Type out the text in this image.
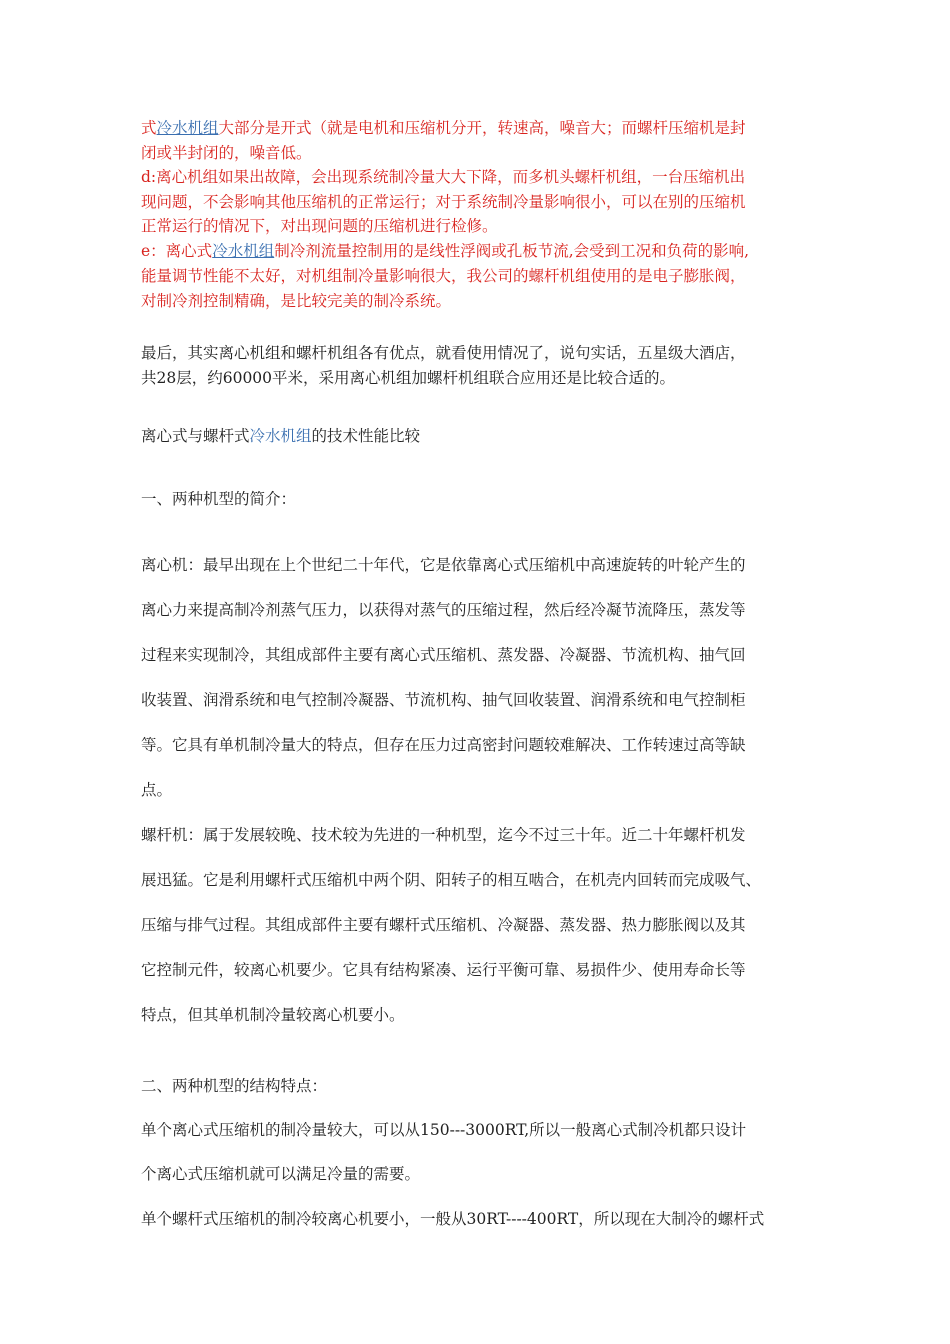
式冷水机组大部分是开式（就是电机和压缩机分开，转速高，噪音大；而螺杆压缩机是封

闭或半封闭的，噪音低。

d:离心机组如果出故障，会出现系统制冷量大大下降，而多机头螺杆机组，一台压缩机出

现问题，不会影响其他压缩机的正常运行；对于系统制冷量影响很小，可以在别的压缩机

正常运行的情况下，对出现问题的压缩机进行检修。

e：离心式冷水机组制冷剂流量控制用的是线性浮阀或孔板节流,会受到工况和负荷的影响,

能量调节性能不太好，对机组制冷量影响很大，我公司的螺杆机组使用的是电子膨胀阀，

对制冷剂控制精确，是比较完美的制冷系统。

最后，其实离心机组和螺杆机组各有优点，就看使用情况了，说句实话，五星级大酒店，

共28层，约60000平米，采用离心机组加螺杆机组联合应用还是比较合适的。

离心式与螺杆式冷水机组的技术性能比较

一、两种机型的简介：

离心机：最早出现在上个世纪二十年代，它是依靠离心式压缩机中高速旋转的叶轮产生的

离心力来提高制冷剂蒸气压力，以获得对蒸气的压缩过程，然后经冷凝节流降压，蒸发等

过程来实现制冷，其组成部件主要有离心式压缩机、蒸发器、冷凝器、节流机构、抽气回

收装置、润滑系统和电气控制冷凝器、节流机构、抽气回收装置、润滑系统和电气控制柜

等。它具有单机制冷量大的特点，但存在压力过高密封问题较难解决、工作转速过高等缺

点。

螺杆机：属于发展较晚、技术较为先进的一种机型，迄今不过三十年。近二十年螺杆机发

展迅猛。它是利用螺杆式压缩机中两个阴、阳转子的相互啮合，在机壳内回转而完成吸气、

压缩与排气过程。其组成部件主要有螺杆式压缩机、冷凝器、蒸发器、热力膨胀阀以及其

它控制元件，较离心机要少。它具有结构紧凑、运行平衡可靠、易损件少、使用寿命长等

特点，但其单机制冷量较离心机要小。

二、两种机型的结构特点：

单个离心式压缩机的制冷量较大，可以从150---3000RT,所以一般离心式制冷机都只设计

个离心式压缩机就可以满足冷量的需要。

单个螺杆式压缩机的制冷较离心机要小，一般从30RT----400RT，所以现在大制冷的螺杆式
